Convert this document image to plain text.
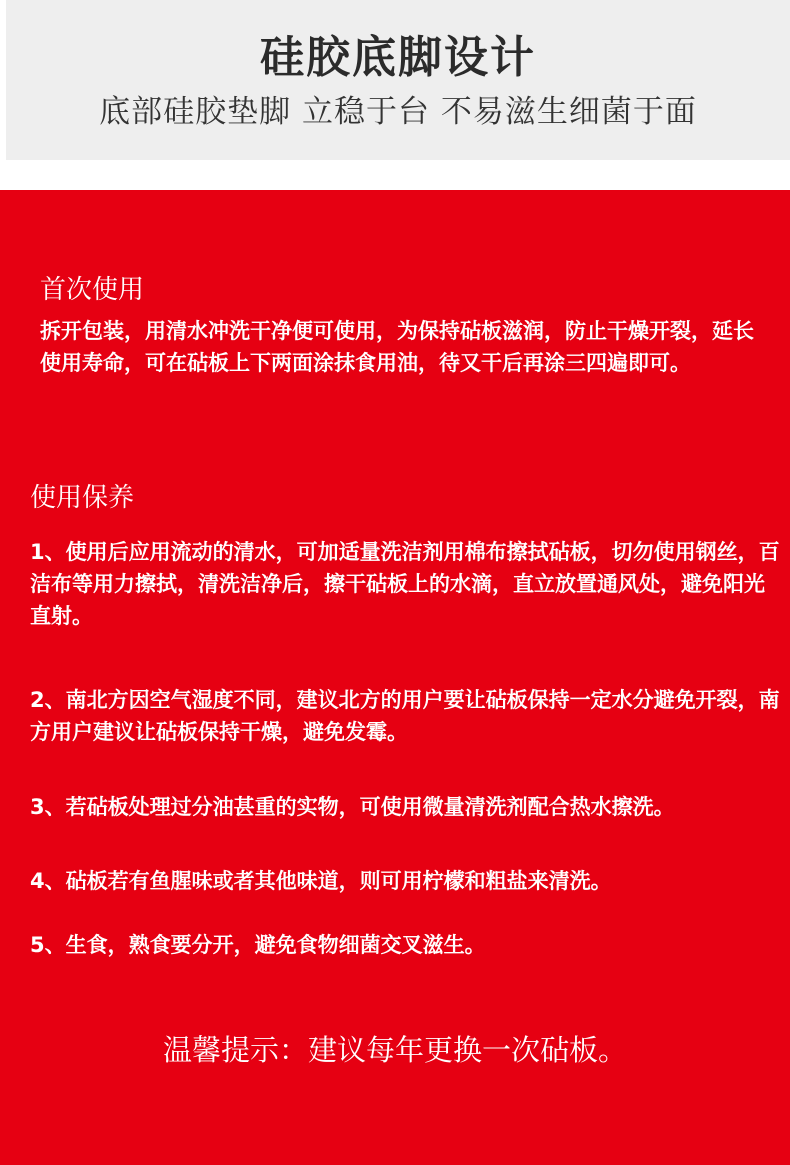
硅胶底脚设计
底部硅胶垫脚 立稳于台 不易滋生细菌于面
首次使用
拆开包装，用清水冲洗干净便可使用，为保持砧板滋润，防止干燥开裂，延长使用寿命，可在砧板上下两面涂抹食用油，待又干后再涂三四遍即可。
使用保养
1、使用后应用流动的清水，可加适量洗洁剂用棉布擦拭砧板，切勿使用钢丝，百洁布等用力擦拭，清洗洁净后，擦干砧板上的水滴，直立放置通风处，避免阳光直射。
2、南北方因空气湿度不同，建议北方的用户要让砧板保持一定水分避免开裂，南方用户建议让砧板保持干燥，避免发霉。
3、若砧板处理过分油甚重的实物，可使用微量清洗剂配合热水擦洗。
4、砧板若有鱼腥味或者其他味道，则可用柠檬和粗盐来清洗。
5、生食，熟食要分开，避免食物细菌交叉滋生。
温馨提示：建议每年更换一次砧板。
